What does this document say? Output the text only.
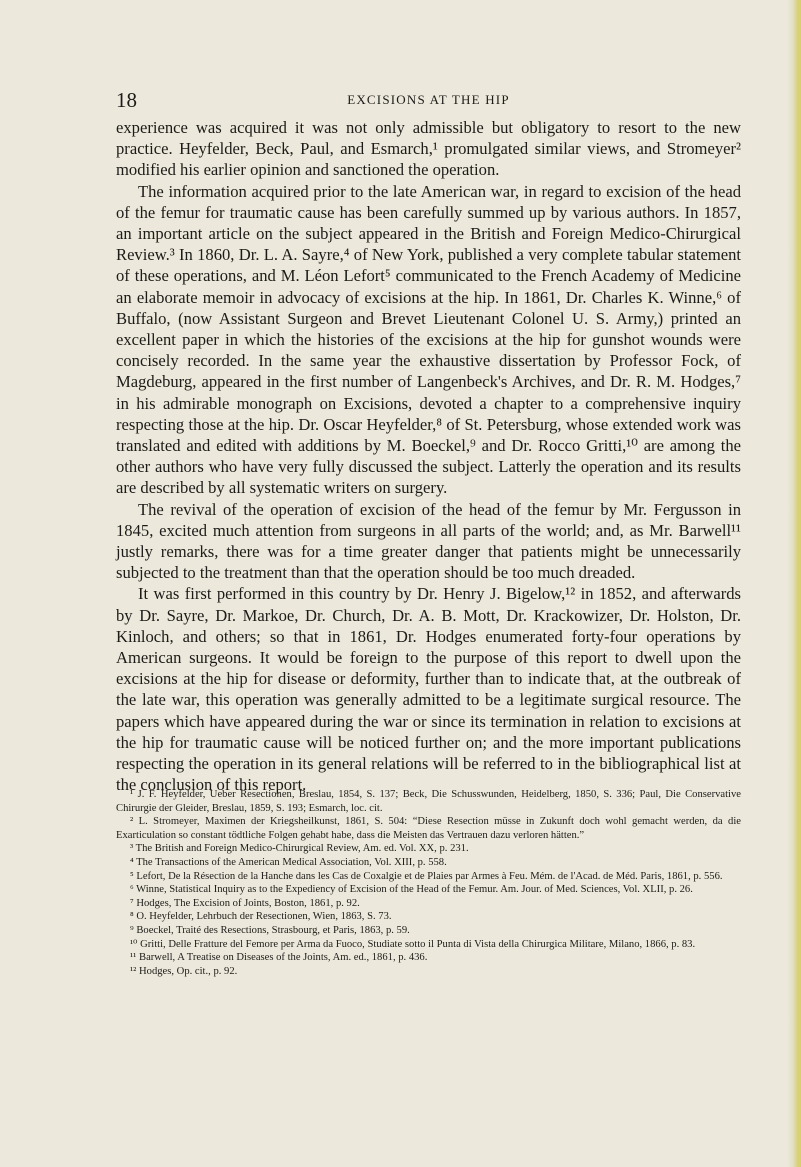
18	EXCISIONS AT THE HIP

experience was acquired it was not only admissible but obligatory to resort to the new practice. Heyfelder, Beck, Paul, and Esmarch,¹ promulgated similar views, and Stromeyer² modified his earlier opinion and sanctioned the operation.

The information acquired prior to the late American war, in regard to excision of the head of the femur for traumatic cause has been carefully summed up by various authors. In 1857, an important article on the subject appeared in the British and Foreign Medico-Chirurgical Review.³ In 1860, Dr. L. A. Sayre,⁴ of New York, published a very complete tabular statement of these operations, and M. Léon Lefort⁵ communicated to the French Academy of Medicine an elaborate memoir in advocacy of excisions at the hip. In 1861, Dr. Charles K. Winne,⁶ of Buffalo, (now Assistant Surgeon and Brevet Lieutenant Colonel U. S. Army,) printed an excellent paper in which the histories of the excisions at the hip for gunshot wounds were concisely recorded. In the same year the exhaustive dissertation by Professor Fock, of Magdeburg, appeared in the first number of Langenbeck's Archives, and Dr. R. M. Hodges,⁷ in his admirable monograph on Excisions, devoted a chapter to a comprehensive inquiry respecting those at the hip. Dr. Oscar Heyfelder,⁸ of St. Petersburg, whose extended work was translated and edited with additions by M. Boeckel,⁹ and Dr. Rocco Gritti,¹⁰ are among the other authors who have very fully discussed the subject. Latterly the operation and its results are described by all systematic writers on surgery.

The revival of the operation of excision of the head of the femur by Mr. Fergusson in 1845, excited much attention from surgeons in all parts of the world; and, as Mr. Barwell¹¹ justly remarks, there was for a time greater danger that patients might be unnecessarily subjected to the treatment than that the operation should be too much dreaded.

It was first performed in this country by Dr. Henry J. Bigelow,¹² in 1852, and afterwards by Dr. Sayre, Dr. Markoe, Dr. Church, Dr. A. B. Mott, Dr. Krackowizer, Dr. Holston, Dr. Kinloch, and others; so that in 1861, Dr. Hodges enumerated forty-four operations by American surgeons. It would be foreign to the purpose of this report to dwell upon the excisions at the hip for disease or deformity, further than to indicate that, at the outbreak of the late war, this operation was generally admitted to be a legitimate surgical resource. The papers which have appeared during the war or since its termination in relation to excisions at the hip for traumatic cause will be noticed further on; and the more important publications respecting the operation in its general relations will be referred to in the bibliographical list at the conclusion of this report.

¹ J. F. Heyfelder, Ueber Resectionen, Breslau, 1854, S. 137; Beck, Die Schusswunden, Heidelberg, 1850, S. 336; Paul, Die Conservative Chirurgie der Gleider, Breslau, 1859, S. 193; Esmarch, loc. cit.

² L. Stromeyer, Maximen der Kriegsheilkunst, 1861, S. 504: “Diese Resection müsse in Zukunft doch wohl gemacht werden, da die Exarticulation so constant tödtliche Folgen gehabt habe, dass die Meisten das Vertrauen dazu verloren hätten.”

³ The British and Foreign Medico-Chirurgical Review, Am. ed. Vol. XX, p. 231.

⁴ The Transactions of the American Medical Association, Vol. XIII, p. 558.

⁵ Lefort, De la Résection de la Hanche dans les Cas de Coxalgie et de Plaies par Armes à Feu. Mém. de l'Acad. de Méd. Paris, 1861, p. 556.

⁶ Winne, Statistical Inquiry as to the Expediency of Excision of the Head of the Femur. Am. Jour. of Med. Sciences, Vol. XLII, p. 26.

⁷ Hodges, The Excision of Joints, Boston, 1861, p. 92.

⁸ O. Heyfelder, Lehrbuch der Resectionen, Wien, 1863, S. 73.

⁹ Boeckel, Traité des Resections, Strasbourg, et Paris, 1863, p. 59.

¹⁰ Gritti, Delle Fratture del Femore per Arma da Fuoco, Studiate sotto il Punta di Vista della Chirurgica Militare, Milano, 1866, p. 83.

¹¹ Barwell, A Treatise on Diseases of the Joints, Am. ed., 1861, p. 436.

¹² Hodges, Op. cit., p. 92.
